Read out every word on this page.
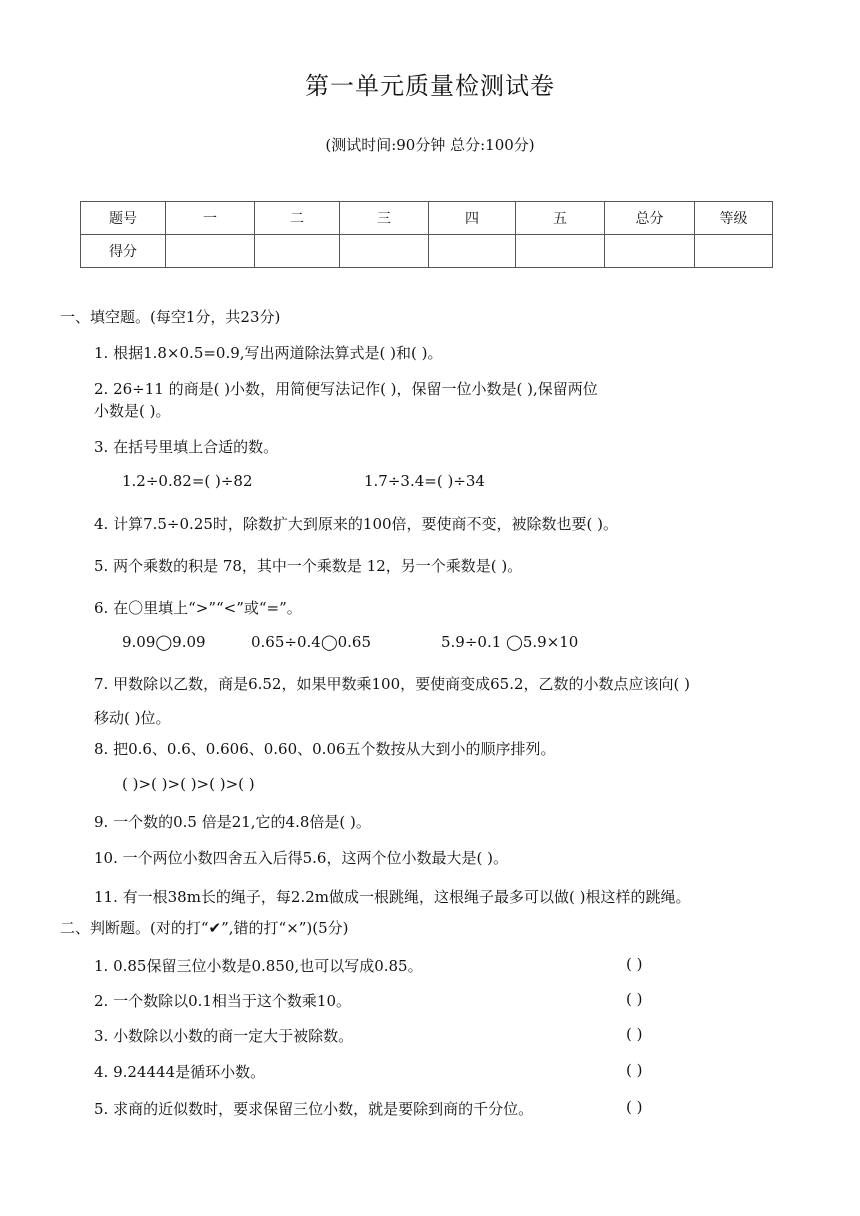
第一单元质量检测试卷
(测试时间:90分钟 总分:100分)
题号	一	二	三	四	五	总分	等级
得分							
一、填空题。(每空1分，共23分)
1. 根据1.8×0.5=0.9,写出两道除法算式是( )和( )。
2. 26÷11 的商是( )小数，用简便写法记作( )，保留一位小数是( ),保留两位
小数是( )。
3. 在括号里填上合适的数。
1.2÷0.82=( )÷82	1.7÷3.4=( )÷34
4. 计算7.5÷0.25时，除数扩大到原来的100倍，要使商不变，被除数也要( )。
5. 两个乘数的积是 78，其中一个乘数是 12，另一个乘数是( )。
6. 在〇里填上“>”“<”或“=”。
9.09◯9.09	0.65÷0.4◯0.65	5.9÷0.1 ◯5.9×10
7. 甲数除以乙数，商是6.52，如果甲数乘100，要使商变成65.2，乙数的小数点应该向( )
移动( )位。
8. 把0.6、0.6、0.606、0.60、0.06五个数按从大到小的顺序排列。
( )>( )>( )>( )>( )
9. 一个数的0.5 倍是21,它的4.8倍是( )。
10. 一个两位小数四舍五入后得5.6，这两个位小数最大是( )。
11. 有一根38m长的绳子，每2.2m做成一根跳绳，这根绳子最多可以做( )根这样的跳绳。
二、判断题。(对的打“✔”,错的打“×”)(5分)
1. 0.85保留三位小数是0.850,也可以写成0.85。	( )
2. 一个数除以0.1相当于这个数乘10。	( )
3. 小数除以小数的商一定大于被除数。	( )
4. 9.24444是循环小数。	( )
5. 求商的近似数时，要求保留三位小数，就是要除到商的千分位。	( )
